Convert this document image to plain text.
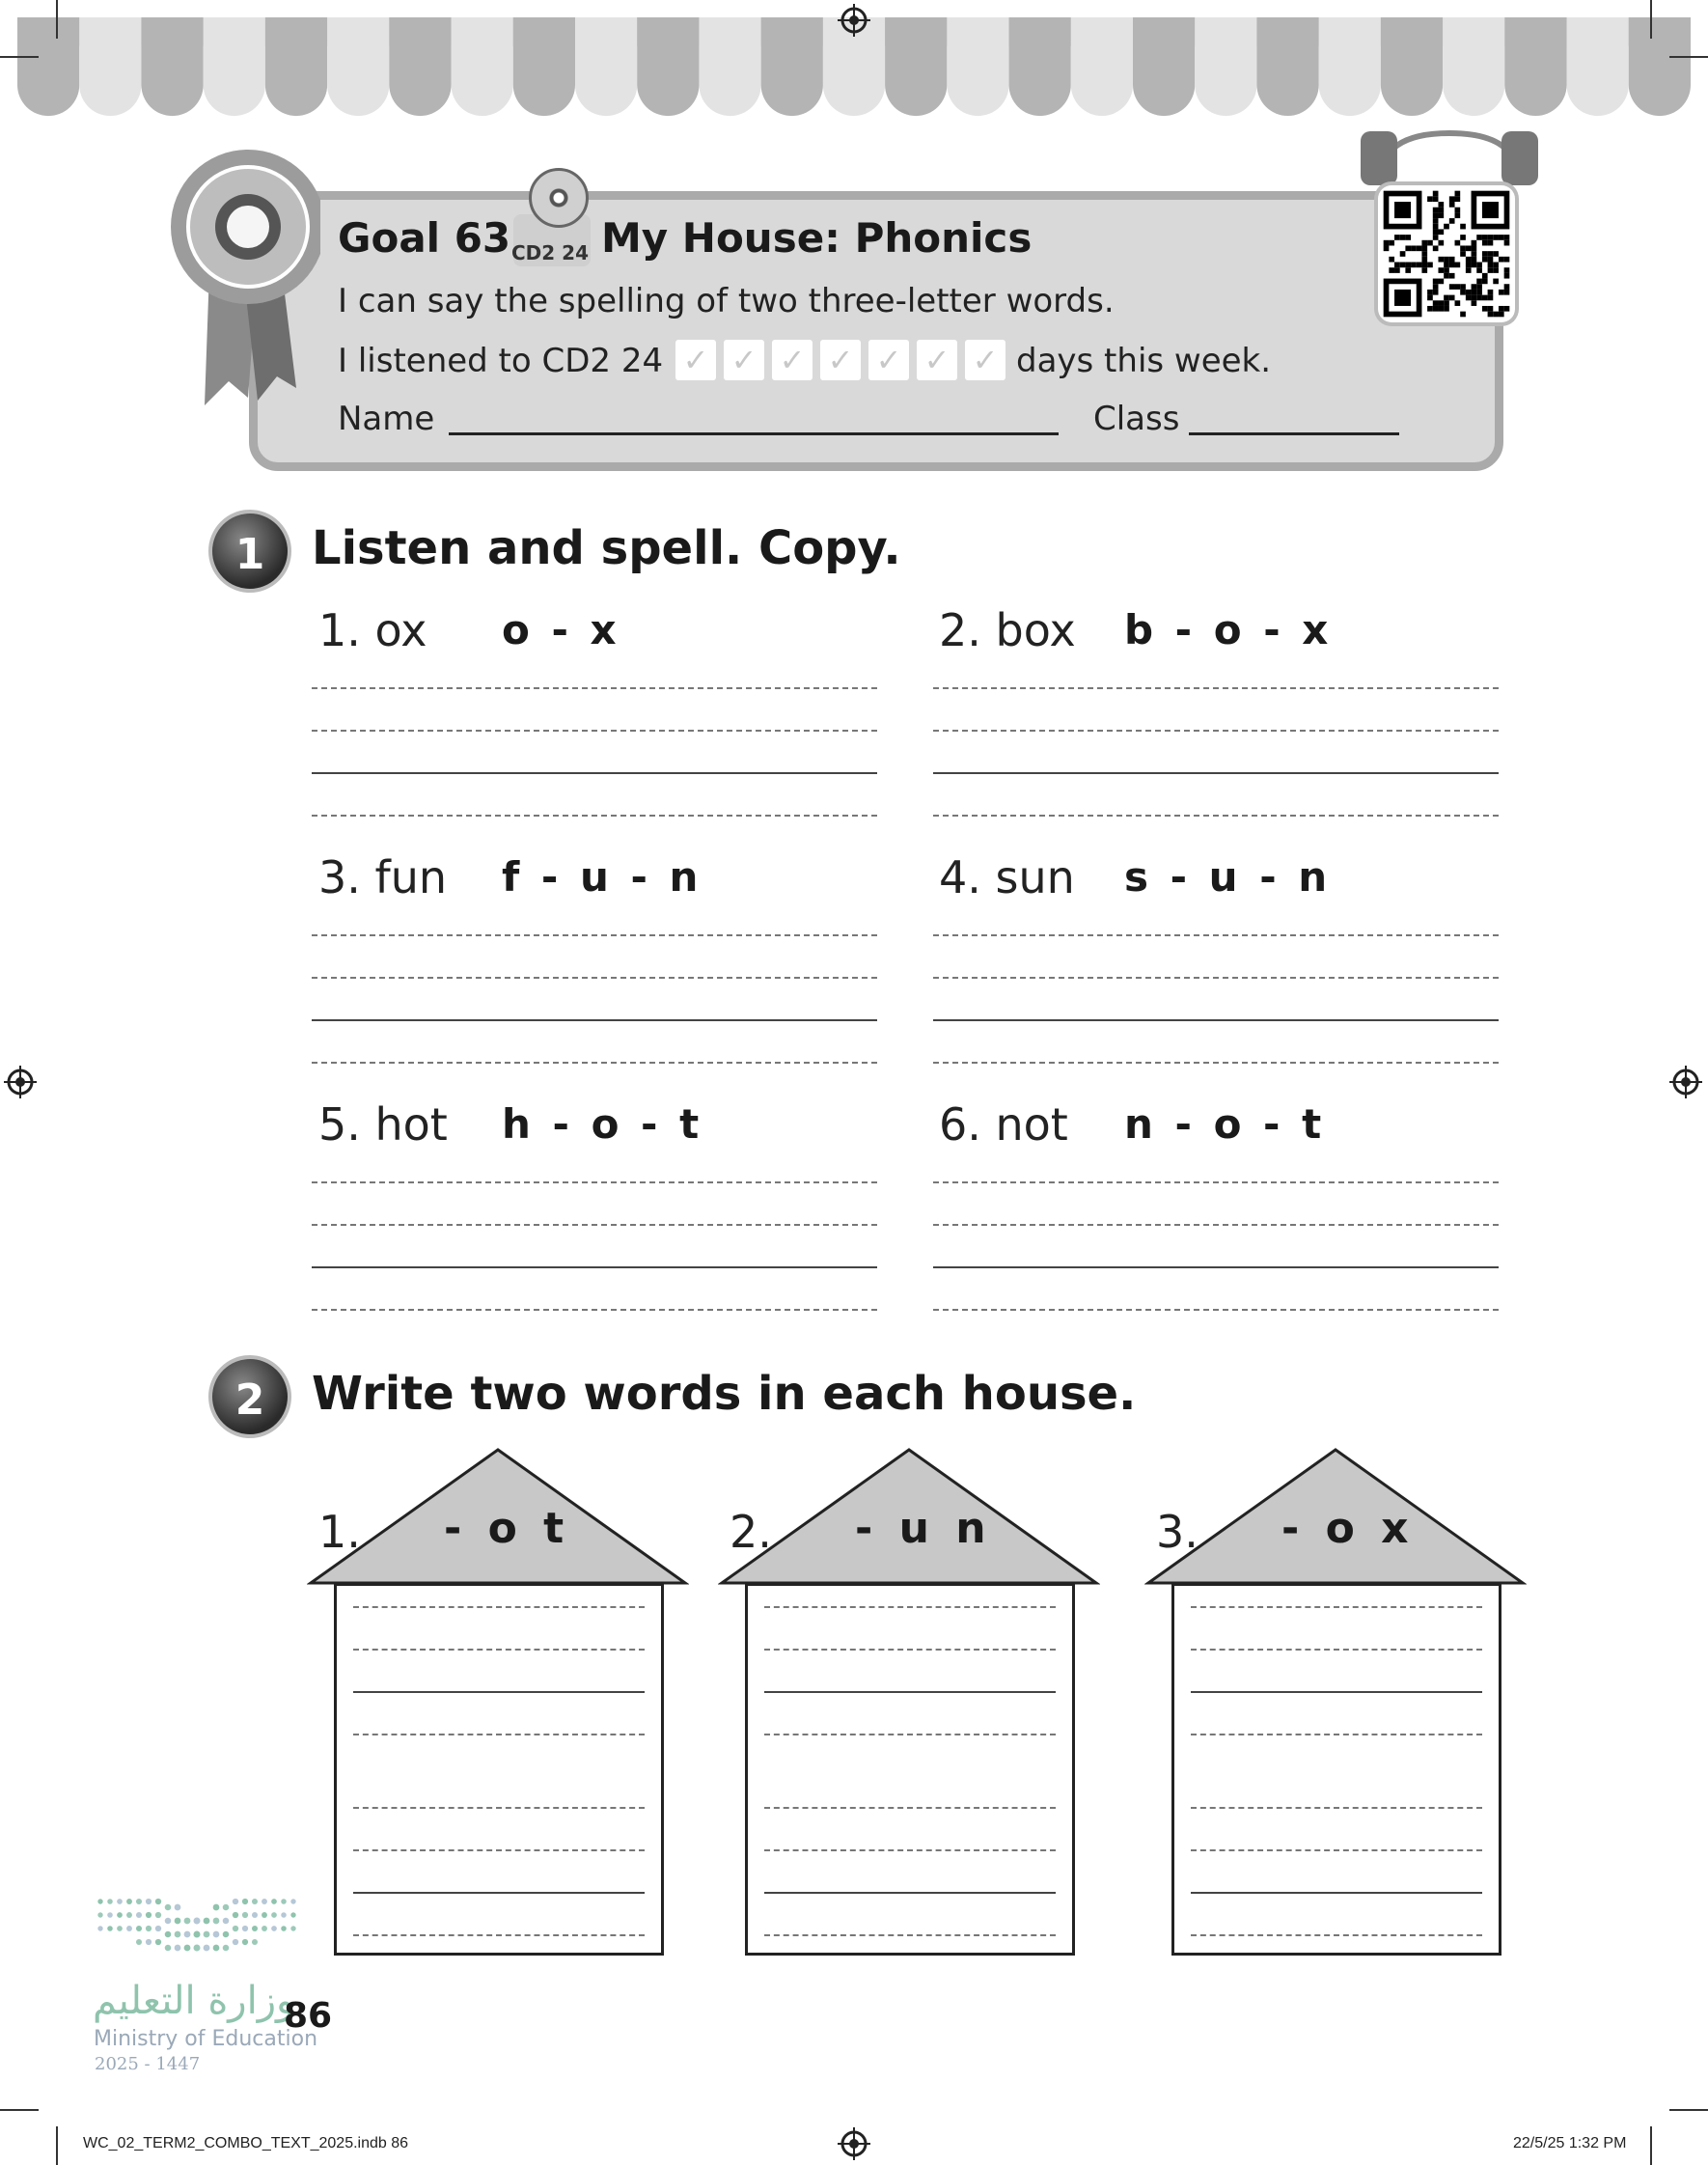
Goal 63 CD2 24 My House: Phonics
I can say the spelling of two three-letter words.
I listened to CD2 24 ✓ ✓ ✓ ✓ ✓ ✓ ✓ days this week.
Name	Class
1	Listen and spell. Copy.
1. ox o - x	2. box b - o - x
3. fun f - u - n	4. sun s - u - n
5. hot h - o - t	6. not n - o - t
2	Write two words in each house.
1. - o t	2. - u n	3. - o x
وزارة التعليم
Ministry of Education
2025 - 1447
86
WC_02_TERM2_COMBO_TEXT_2025.indb 86	22/5/25 1:32 PM
